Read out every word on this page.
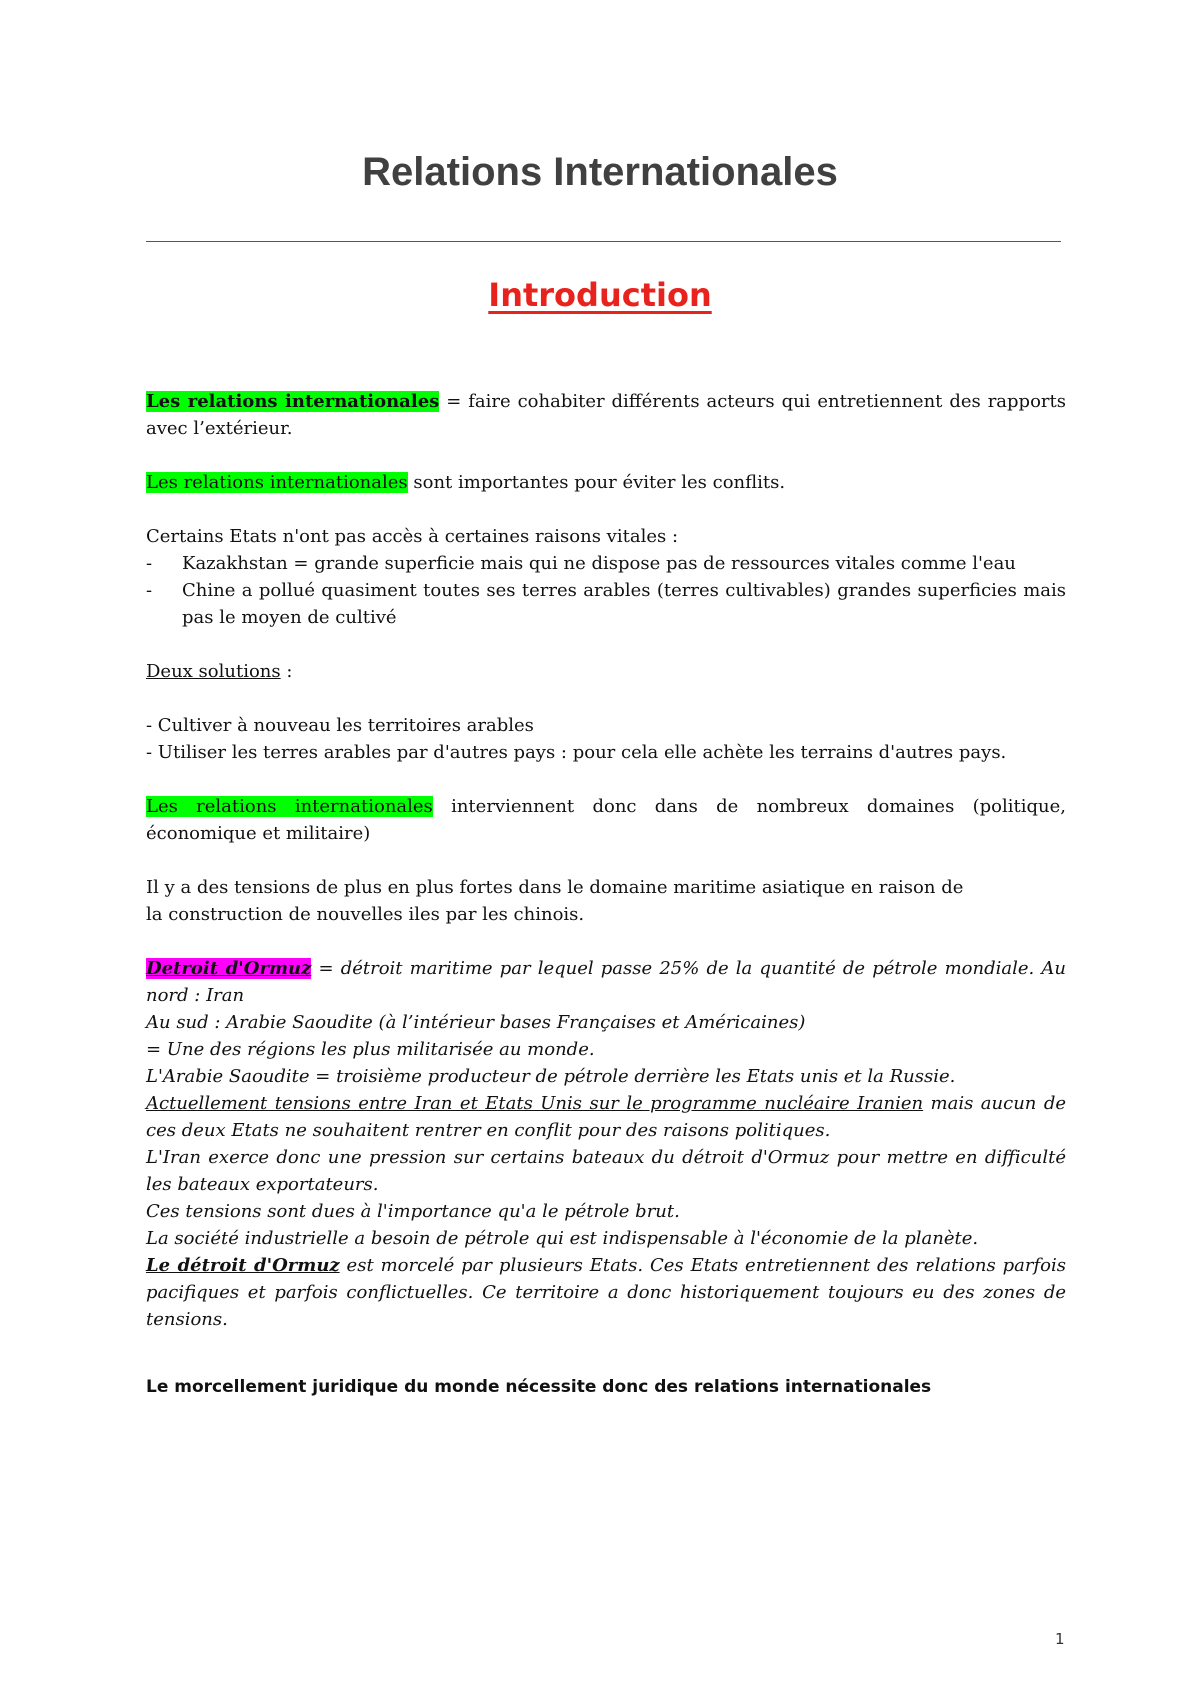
Relations Internationales
Introduction

Les relations internationales = faire cohabiter différents acteurs qui entretiennent des rapports avec l’extérieur.

Les relations internationales sont importantes pour éviter les conflits.

Certains Etats n'ont pas accès à certaines raisons vitales :

- Kazakhstan = grande superficie mais qui ne dispose pas de ressources vitales comme l'eau
- Chine a pollué quasiment toutes ses terres arables (terres cultivables) grandes superficies mais pas le moyen de cultivé

Deux solutions :

- Cultiver à nouveau les territoires arables

- Utiliser les terres arables par d'autres pays : pour cela elle achète les terrains d'autres pays.

Les relations internationales interviennent donc dans de nombreux domaines (politique, économique et militaire)

Il y a des tensions de plus en plus fortes dans le domaine maritime asiatique en raison de
la construction de nouvelles iles par les chinois.

Detroit d'Ormuz = détroit maritime par lequel passe 25% de la quantité de pétrole mondiale. Au nord : Iran

Au sud : Arabie Saoudite (à l’intérieur bases Françaises et Américaines)

= Une des régions les plus militarisée au monde.

L'Arabie Saoudite = troisième producteur de pétrole derrière les Etats unis et la Russie.

Actuellement tensions entre Iran et Etats Unis sur le programme nucléaire Iranien mais aucun de ces deux Etats ne souhaitent rentrer en conflit pour des raisons politiques.

L'Iran exerce donc une pression sur certains bateaux du détroit d'Ormuz pour mettre en difficulté les bateaux exportateurs.

Ces tensions sont dues à l'importance qu'a le pétrole brut.

La société industrielle a besoin de pétrole qui est indispensable à l'économie de la planète.

Le détroit d'Ormuz est morcelé par plusieurs Etats. Ces Etats entretiennent des relations parfois pacifiques et parfois conflictuelles. Ce territoire a donc historiquement toujours eu des zones de tensions.

Le morcellement juridique du monde nécessite donc des relations internationales

1
